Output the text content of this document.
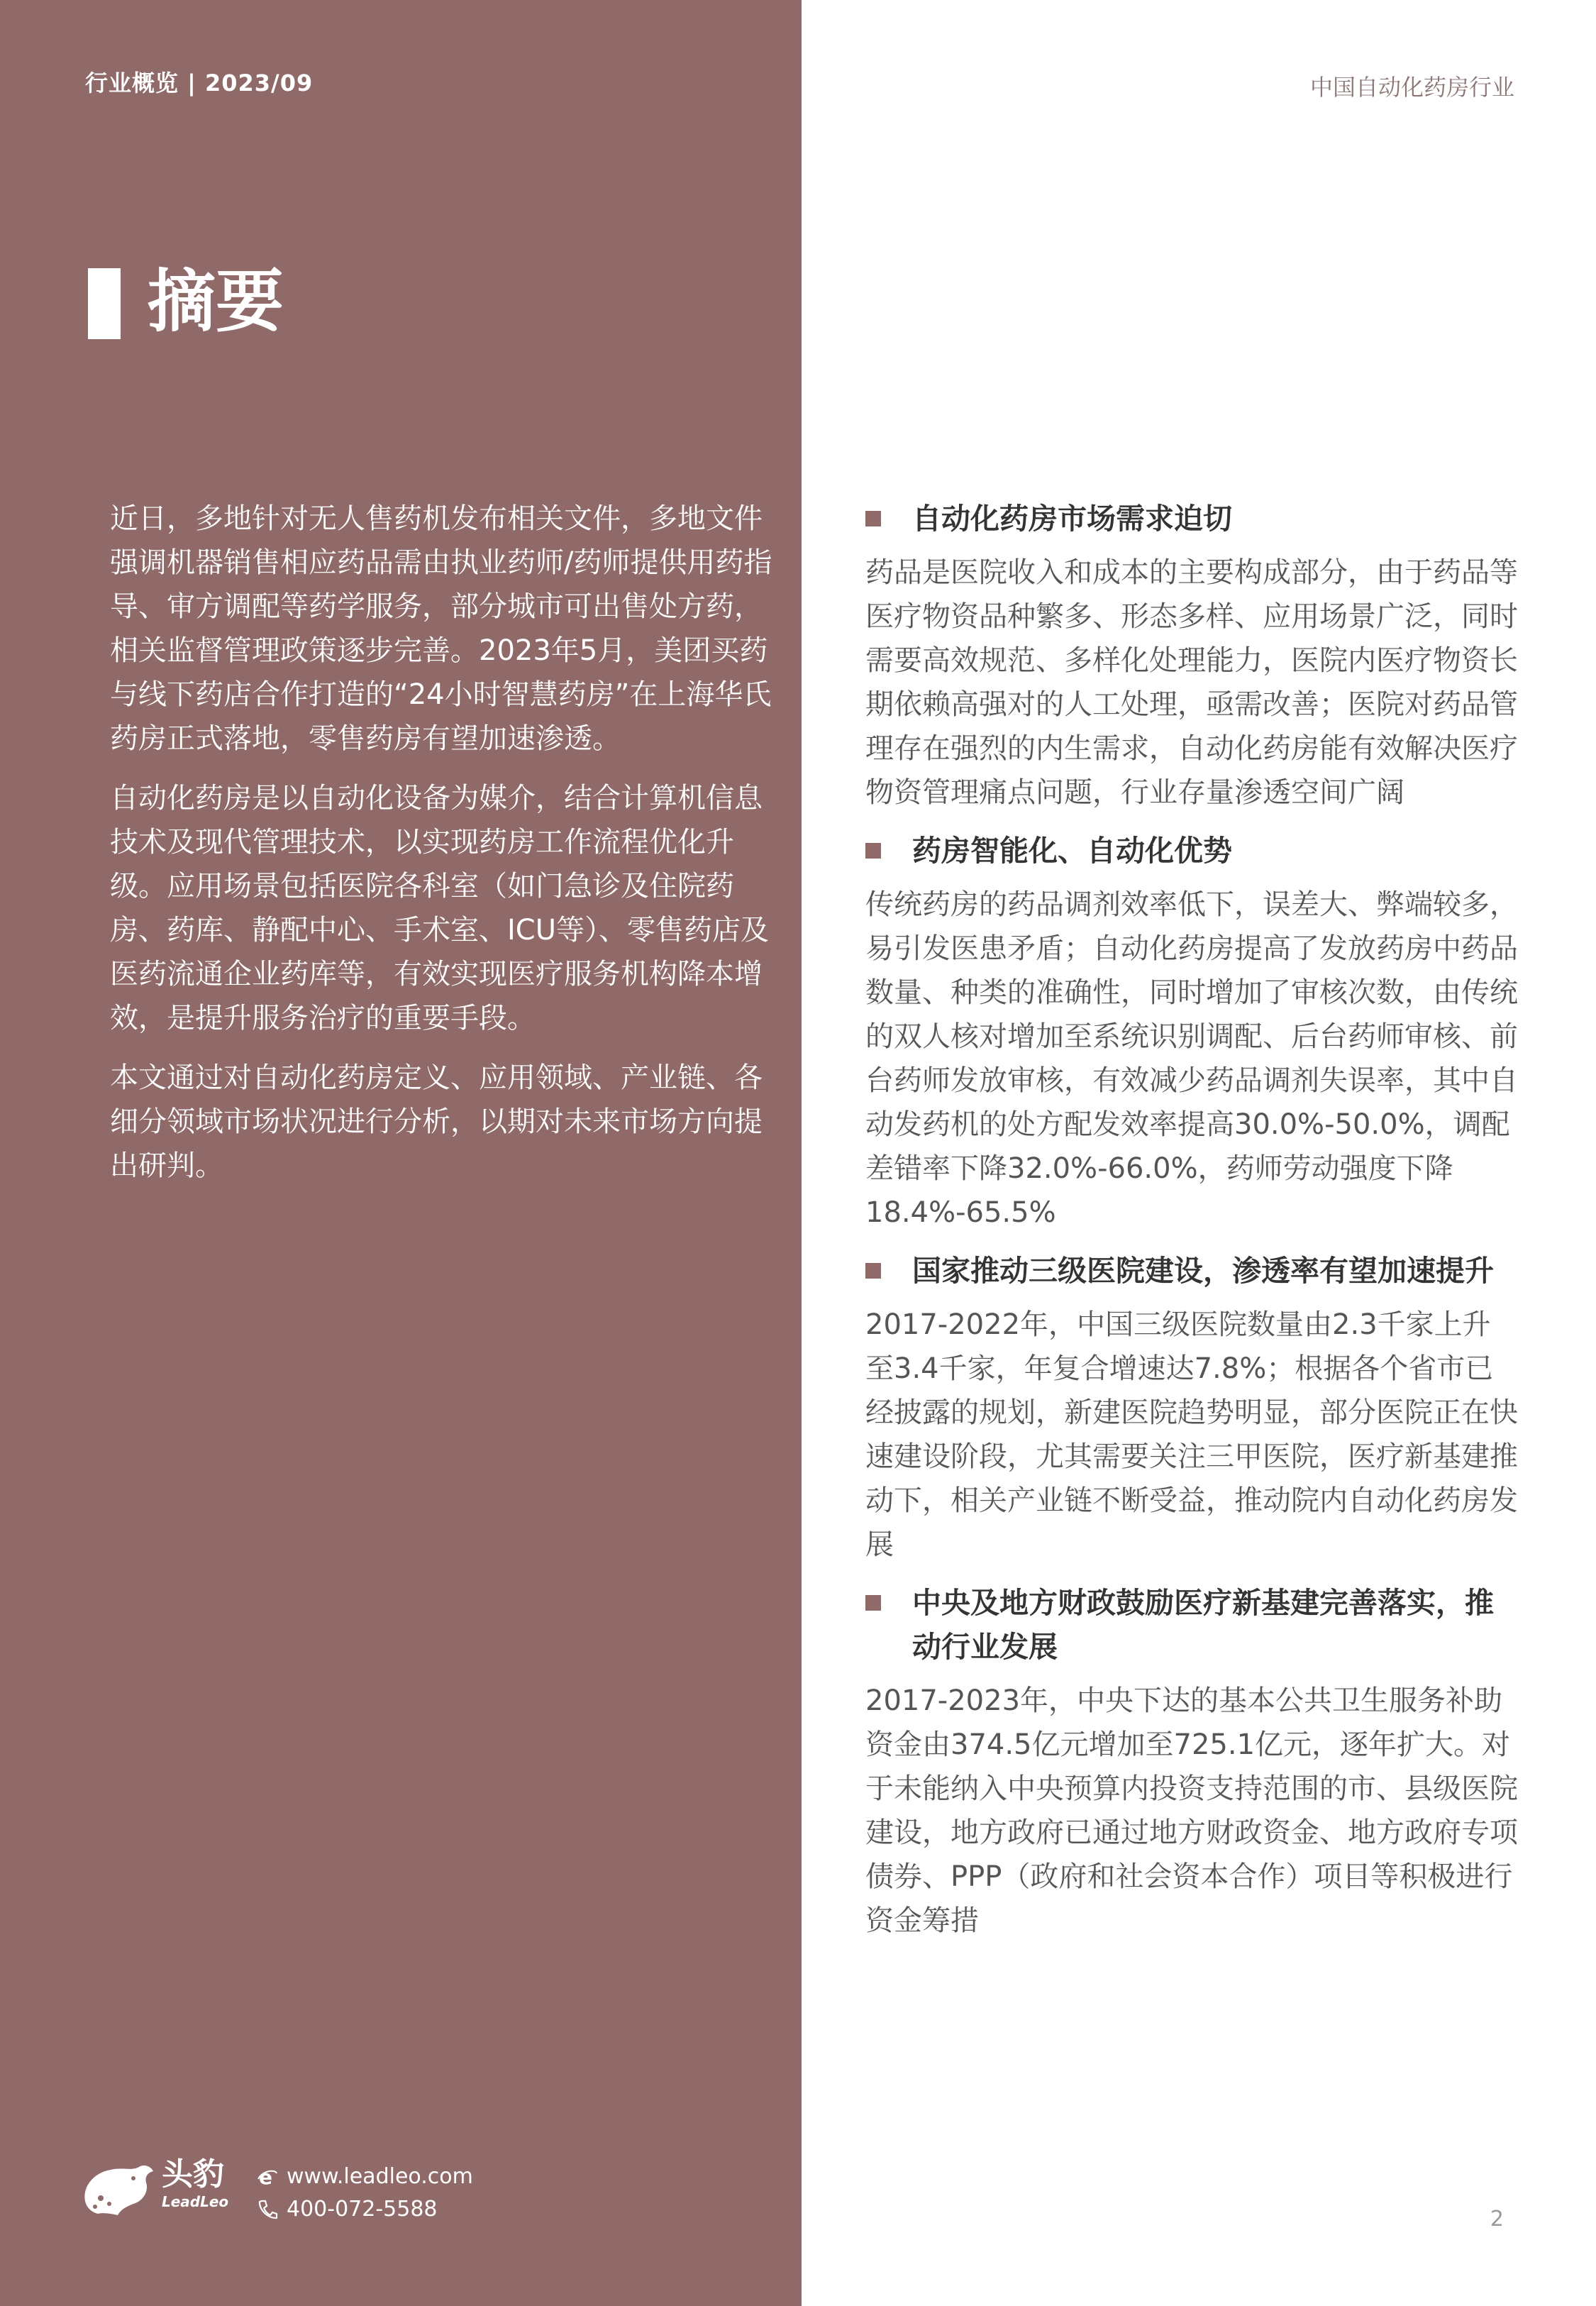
行业概览 | 2023/09	中国自动化药房行业
摘要

近日，多地针对无人售药机发布相关文件，多地文件强调机器销售相应药品需由执业药师/药师提供用药指导、审方调配等药学服务，部分城市可出售处方药，相关监督管理政策逐步完善。2023年5月，美团买药与线下药店合作打造的“24小时智慧药房”在上海华氏药房正式落地，零售药房有望加速渗透。

自动化药房是以自动化设备为媒介，结合计算机信息技术及现代管理技术，以实现药房工作流程优化升级。应用场景包括医院各科室（如门急诊及住院药房、药库、静配中心、手术室、ICU等）、零售药店及医药流通企业药库等，有效实现医疗服务机构降本增效，是提升服务治疗的重要手段。

本文通过对自动化药房定义、应用领域、产业链、各细分领域市场状况进行分析，以期对未来市场方向提出研判。

自动化药房市场需求迫切

药品是医院收入和成本的主要构成部分，由于药品等医疗物资品种繁多、形态多样、应用场景广泛，同时需要高效规范、多样化处理能力，医院内医疗物资长期依赖高强对的人工处理，亟需改善；医院对药品管理存在强烈的内生需求，自动化药房能有效解决医疗物资管理痛点问题，行业存量渗透空间广阔

药房智能化、自动化优势

传统药房的药品调剂效率低下，误差大、弊端较多，易引发医患矛盾；自动化药房提高了发放药房中药品数量、种类的准确性，同时增加了审核次数，由传统的双人核对增加至系统识别调配、后台药师审核、前台药师发放审核，有效减少药品调剂失误率，其中自动发药机的处方配发效率提高30.0%-50.0%，调配差错率下降32.0%-66.0%，药师劳动强度下降18.4%-65.5%

国家推动三级医院建设，渗透率有望加速提升

2017-2022年，中国三级医院数量由2.3千家上升至3.4千家，年复合增速达7.8%；根据各个省市已经披露的规划，新建医院趋势明显，部分医院正在快速建设阶段，尤其需要关注三甲医院，医疗新基建推动下，相关产业链不断受益，推动院内自动化药房发展

中央及地方财政鼓励医疗新基建完善落实，推动行业发展

2017-2023年，中央下达的基本公共卫生服务补助资金由374.5亿元增加至725.1亿元，逐年扩大。对于未能纳入中央预算内投资支持范围的市、县级医院建设，地方政府已通过地方财政资金、地方政府专项债券、PPP（政府和社会资本合作）项目等积极进行资金筹措

头豹
LeadLeo
e www.leadleo.com
400-072-5588	2
